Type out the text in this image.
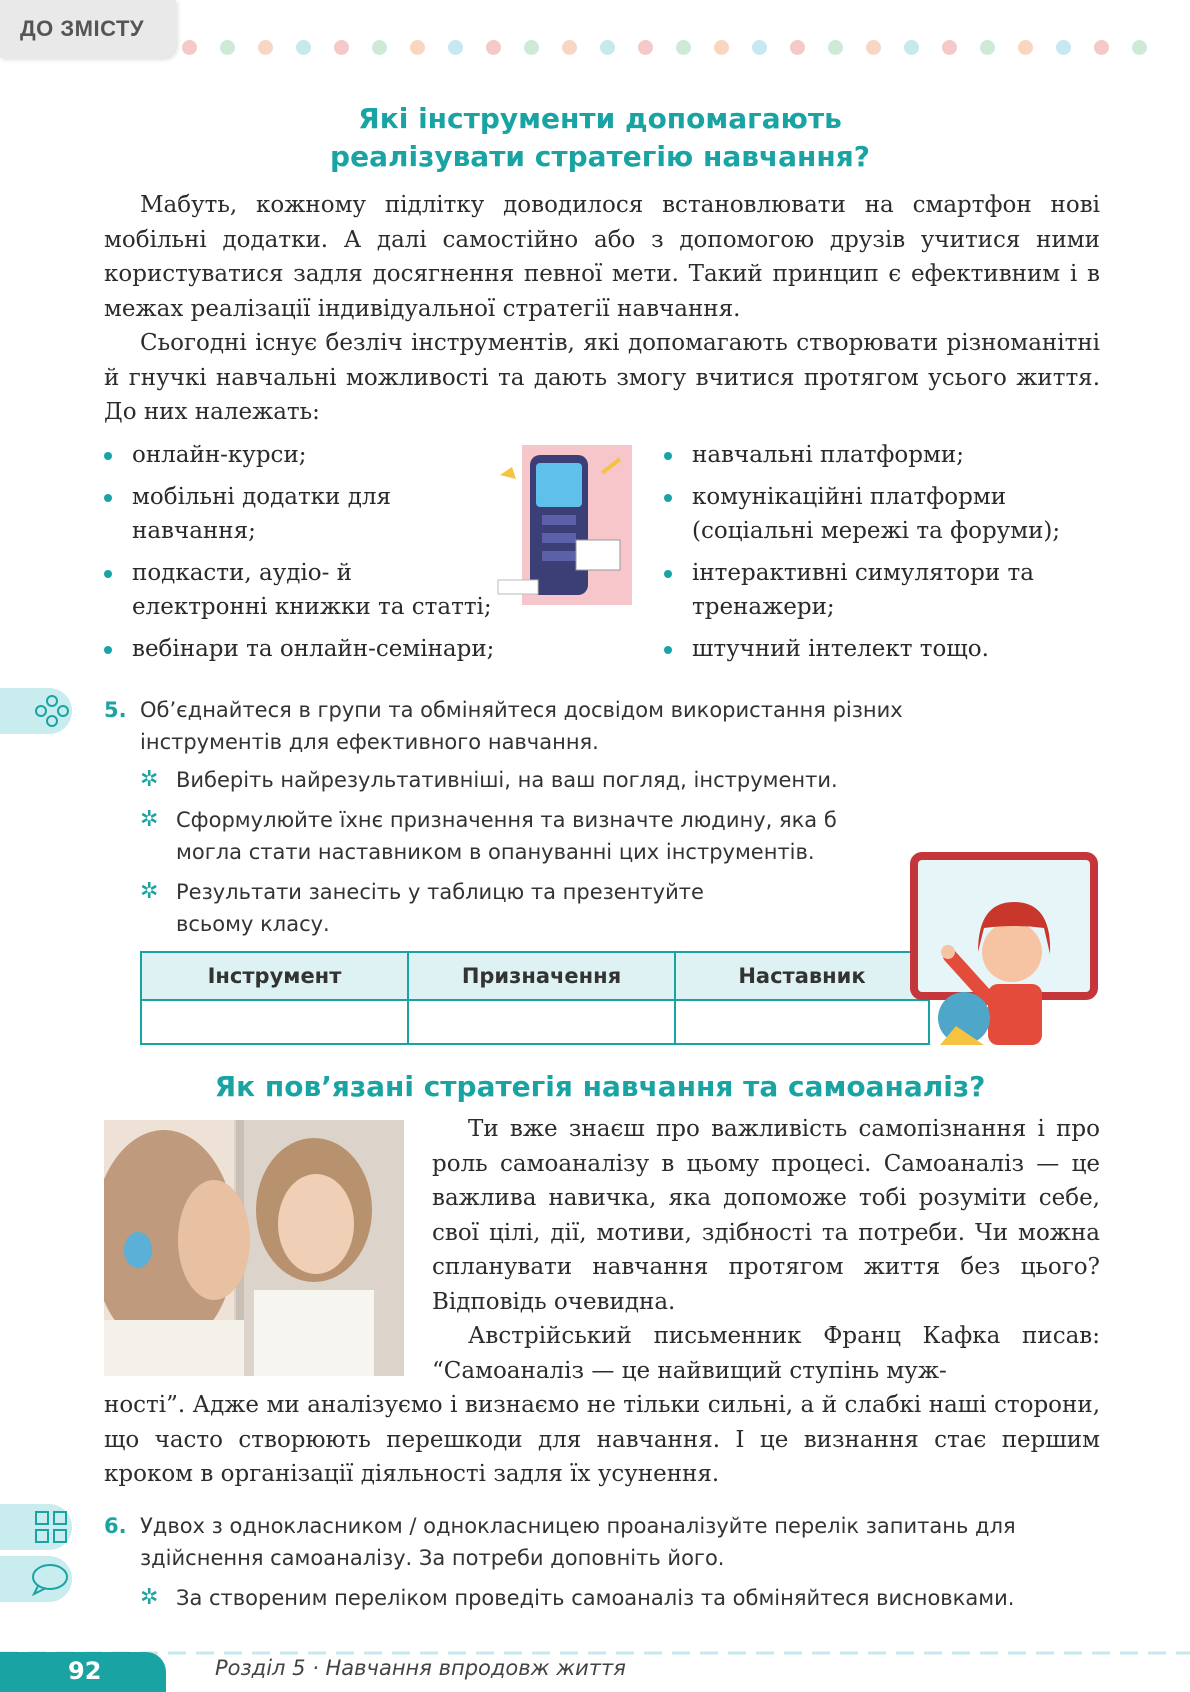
ДО ЗМІСТУ
Які інструменти допомагають
реалізувати стратегію навчання?

Мабуть, кожному підлітку доводилося встановлювати на смартфон нові мобільні додатки. А далі самостійно або з допомогою друзів учитися ними користуватися задля досягнення певної мети. Такий принцип є ефективним і в межах реалізації індивідуальної стратегії навчання.

Сьогодні існує безліч інструментів, які допомагають створювати різноманітні й гнучкі навчальні можливості та дають змогу вчитися протягом усього життя. До них належать:

онлайн-курси;
мобільні додатки для навчання;
подкасти, аудіо- й електронні книжки та статті;
вебінари та онлайн-семінари;
навчальні платформи;
комунікаційні платформи (соціальні мережі та форуми);
інтерактивні симулятори та тренажери;
штучний інтелект тощо.
5. Об’єднайтеся в групи та обміняйтеся досвідом використання різних інструментів для ефективного навчання.
✲ Виберіть найрезультативніші, на ваш погляд, інструменти.
✲ Сформулюйте їхнє призначення та визначте людину, яка б могла стати наставником в опануванні цих інструментів.
✲ Результати занесіть у таблицю та презентуйте всьому класу.
Інструмент	Призначення	Наставник

Як пов’язані стратегія навчання та самоаналіз?

Ти вже знаєш про важливість самопізнання і про роль самоаналізу в цьому процесі. Самоаналіз — це важлива навичка, яка допоможе тобі розуміти себе, свої цілі, дії, мотиви, здібності та потреби. Чи можна спланувати навчання протягом життя без цього? Відповідь очевидна.

Австрійський письменник Франц Кафка писав: “Самоаналіз — це найвищий ступінь муж-

ності”. Адже ми аналізуємо і визнаємо не тільки сильні, а й слабкі наші сторони, що часто створюють перешкоди для навчання. І це визнання стає першим кроком в організації діяльності задля їх усунення.

6. Удвох з однокласником / однокласницею проаналізуйте перелік запитань для здійснення самоаналізу. За потреби доповніть його.
✲ За створеним переліком проведіть самоаналіз та обміняйтеся висновками.
92	Розділ 5 · Навчання впродовж життя
